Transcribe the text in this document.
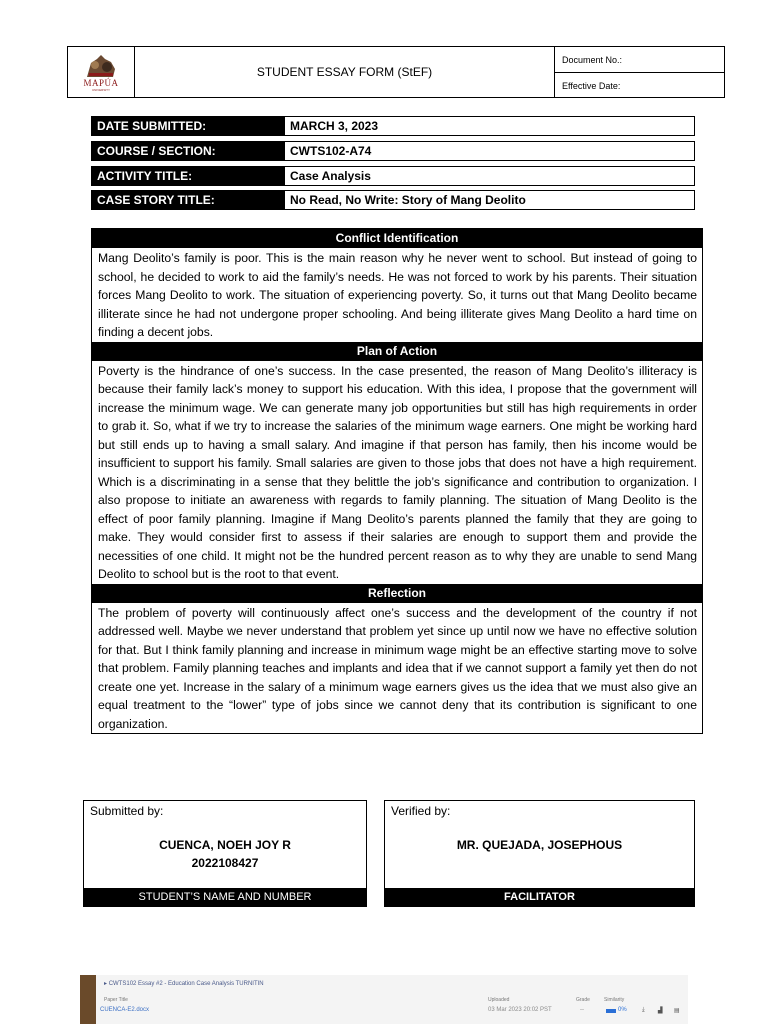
MAPÚA
UNIVERSITY
STUDENT ESSAY FORM (StEF)
Document No.:
Effective Date:
DATE SUBMITTED:	MARCH 3, 2023
COURSE / SECTION:	CWTS102-A74
ACTIVITY TITLE:	Case Analysis
CASE STORY TITLE:	No Read, No Write: Story of Mang Deolito
Conflict Identification
Mang Deolito’s family is poor. This is the main reason why he never went to school. But instead of going to school, he decided to work to aid the family’s needs. He was not forced to work by his parents. Their situation forces Mang Deolito to work. The situation of experiencing poverty. So, it turns out that Mang Deolito became illiterate since he had not undergone proper schooling. And being illiterate gives Mang Deolito a hard time on finding a decent jobs.
Plan of Action
Poverty is the hindrance of one’s success. In the case presented, the reason of Mang Deolito’s illiteracy is because their family lack’s money to support his education. With this idea, I propose that the government will increase the minimum wage. We can generate many job opportunities but still has high requirements in order to grab it. So, what if we try to increase the salaries of the minimum wage earners. One might be working hard but still ends up to having a small salary. And imagine if that person has family, then his income would be insufficient to support his family. Small salaries are given to those jobs that does not have a high requirement. Which is a discriminating in a sense that they belittle the job’s significance and contribution to organization. I also propose to initiate an awareness with regards to family planning. The situation of Mang Deolito is the effect of poor family planning. Imagine if Mang Deolito’s parents planned the family that they are going to make. They would consider first to assess if their salaries are enough to support them and provide the necessities of one child. It might not be the hundred percent reason as to why they are unable to send Mang Deolito to school but is the root to that event.
Reflection
The problem of poverty will continuously affect one’s success and the development of the country if not addressed well. Maybe we never understand that problem yet since up until now we have no effective solution for that. But I think family planning and increase in minimum wage might be an effective starting move to solve that problem. Family planning teaches and implants and idea that if we cannot support a family yet then do not create one yet. Increase in the salary of a minimum wage earners gives us the idea that we must also give an equal treatment to the “lower” type of jobs since we cannot deny that its contribution is significant to one organization.
Submitted by:
CUENCA, NOEH JOY R
2022108427
STUDENT’S NAME AND NUMBER
Verified by:
MR. QUEJADA, JOSEPHOUS
FACILITATOR
▸ CWTS102 Essay #2 - Education Case Analysis TURNITIN
Paper Title	Uploaded	Grade	Similarity
CUENCA-E2.docx	03 Mar 2023 20:02 PST	--	0%	⤓ ▟ ▤
